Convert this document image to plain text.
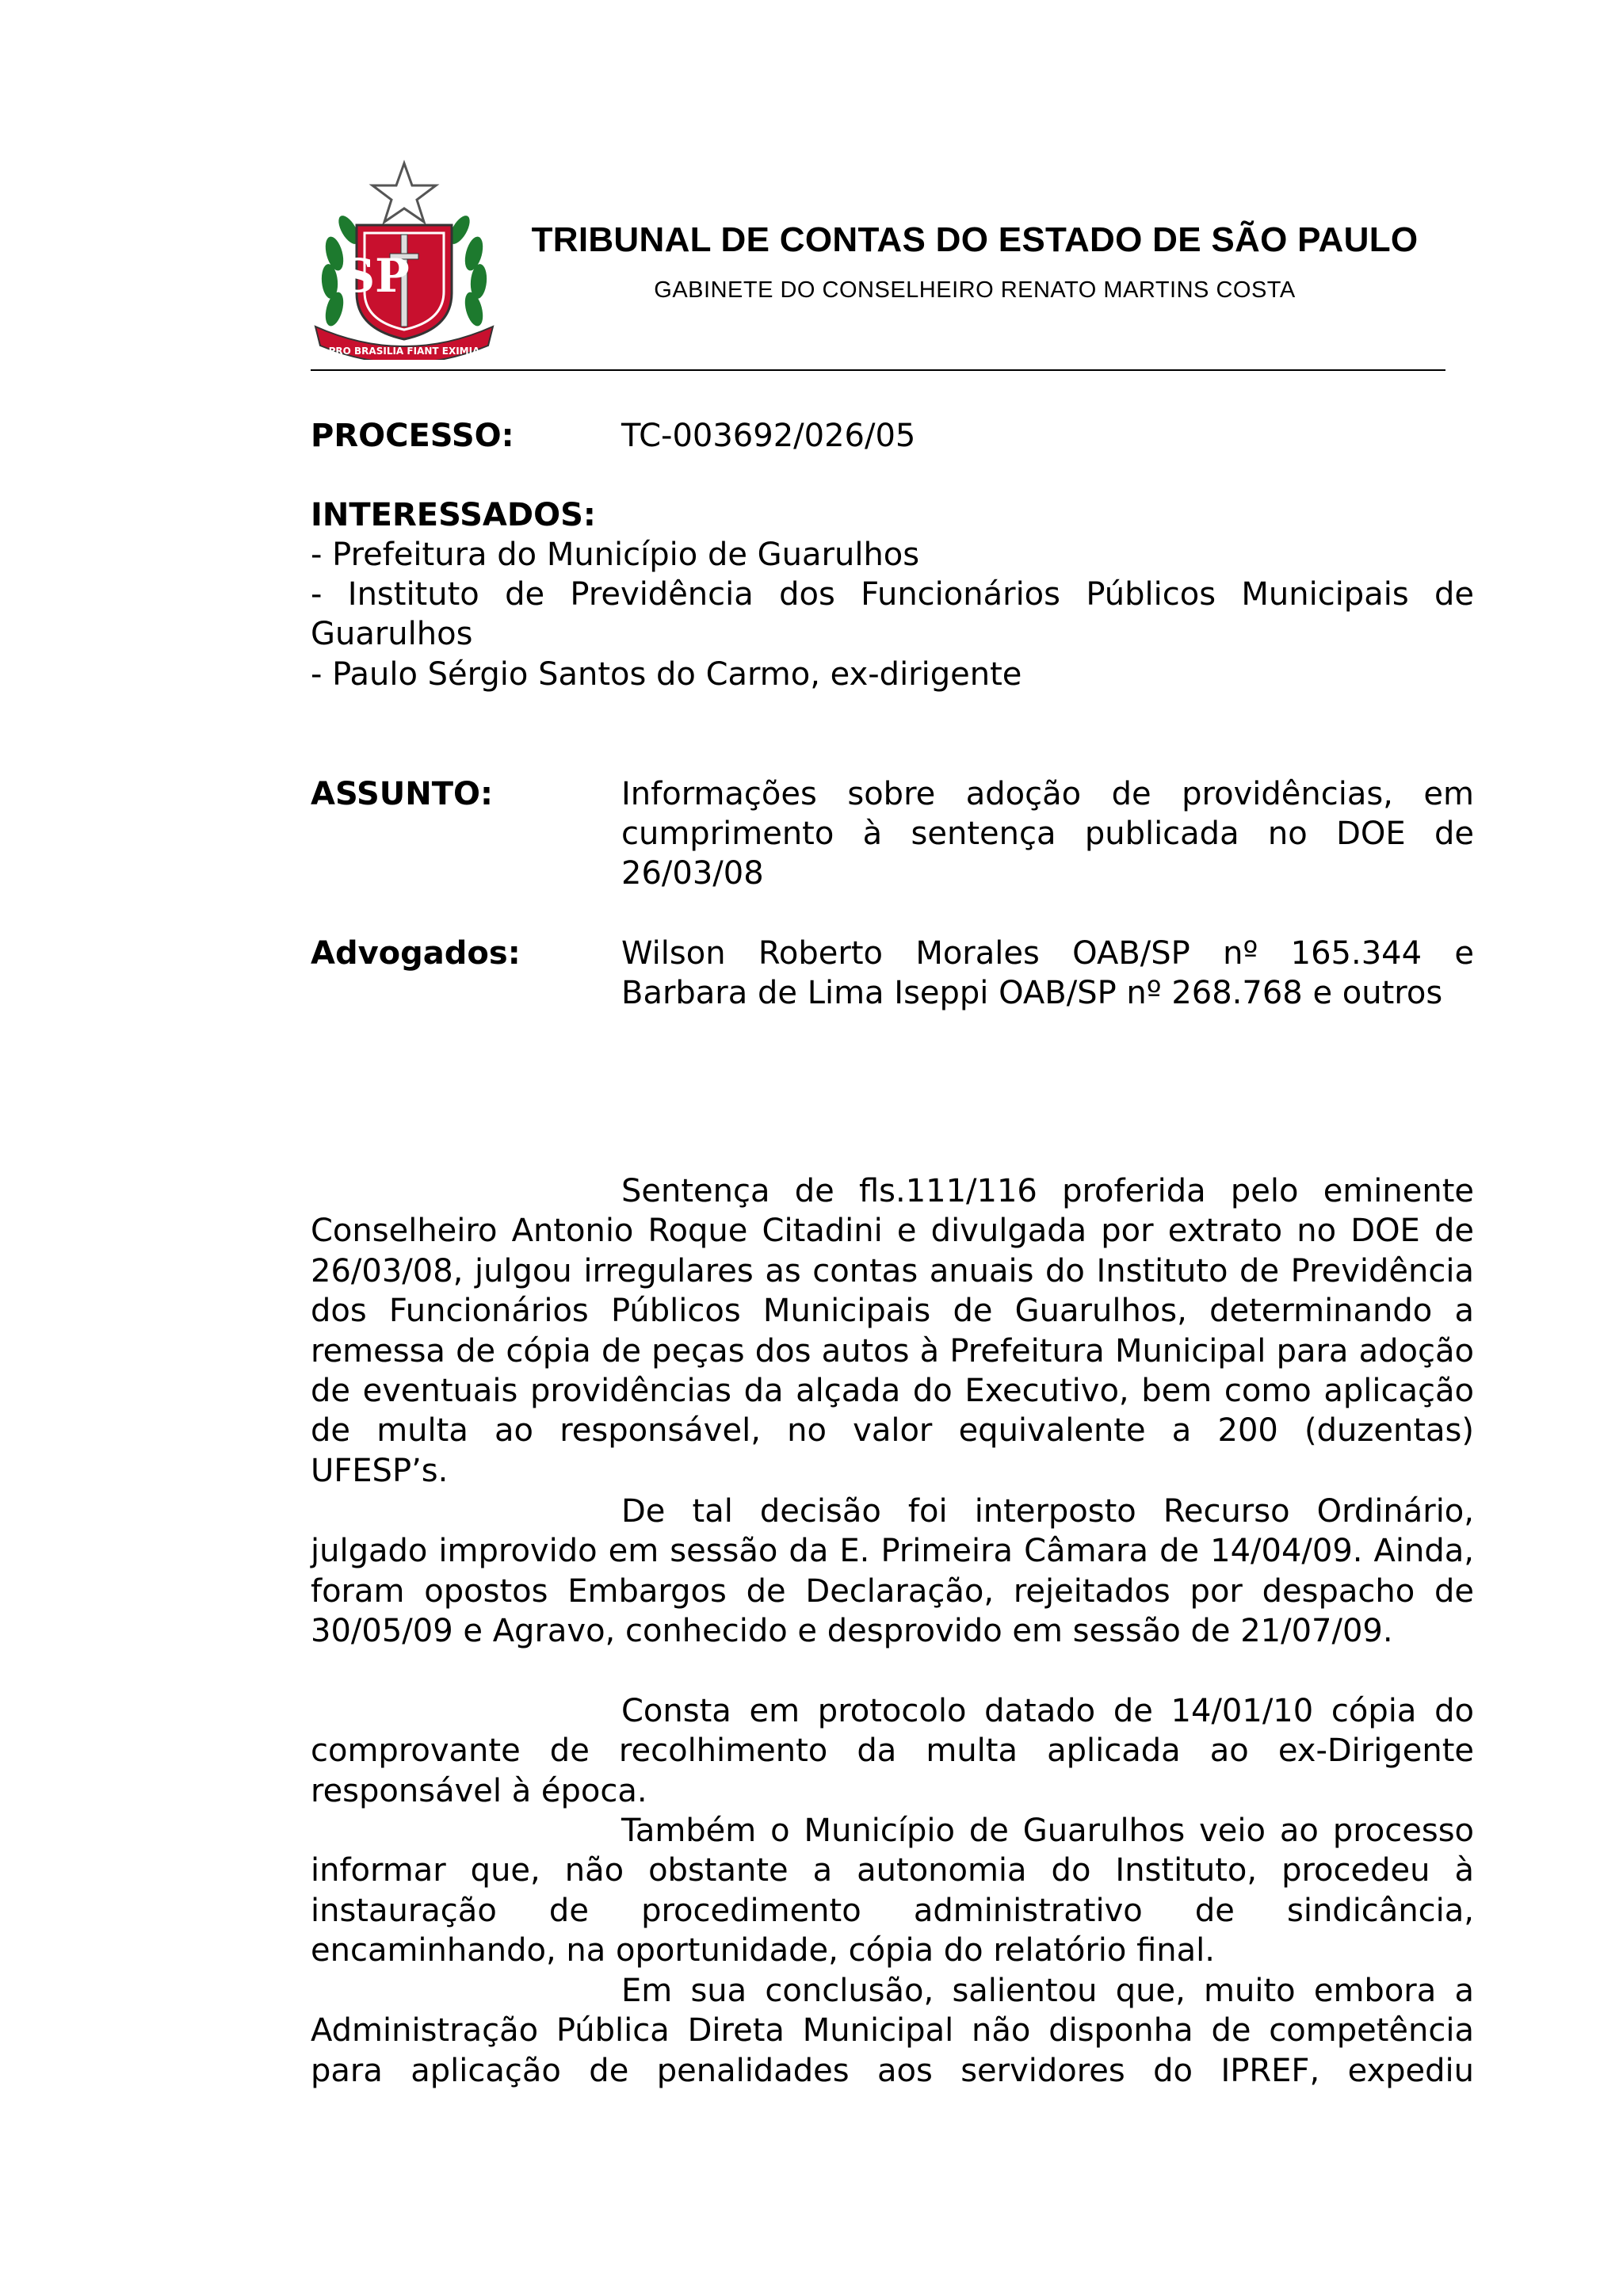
SP
PRO BRASILIA FIANT EXIMIA
TRIBUNAL DE CONTAS DO ESTADO DE SÃO PAULO
GABINETE DO CONSELHEIRO RENATO MARTINS COSTA
PROCESSO:	TC-003692/026/05
INTERESSADOS:
- Prefeitura do Município de Guarulhos
- Instituto de Previdência dos Funcionários Públicos Municipais de Guarulhos
- Paulo Sérgio Santos do Carmo, ex-dirigente
ASSUNTO:	Informações sobre adoção de providências, em cumprimento à sentença publicada no DOE de 26/03/08
Advogados:	Wilson Roberto Morales OAB/SP nº 165.344 e Barbara de Lima Iseppi OAB/SP nº 268.768 e outros

Sentença de fls.111/116 proferida pelo eminente Conselheiro Antonio Roque Citadini e divulgada por extrato no DOE de 26/03/08, julgou irregulares as contas anuais do Instituto de Previdência dos Funcionários Públicos Municipais de Guarulhos, determinando a remessa de cópia de peças dos autos à Prefeitura Municipal para adoção de eventuais providências da alçada do Executivo, bem como aplicação de multa ao responsável, no valor equivalente a 200 (duzentas) UFESP’s.

De tal decisão foi interposto Recurso Ordinário, julgado improvido em sessão da E. Primeira Câmara de 14/04/09. Ainda, foram opostos Embargos de Declaração, rejeitados por despacho de 30/05/09 e Agravo, conhecido e desprovido em sessão de 21/07/09.

Consta em protocolo datado de 14/01/10 cópia do comprovante de recolhimento da multa aplicada ao ex-Dirigente responsável à época.

Também o Município de Guarulhos veio ao processo informar que, não obstante a autonomia do Instituto, procedeu à instauração de procedimento administrativo de sindicância, encaminhando, na oportunidade, cópia do relatório final.

Em sua conclusão, salientou que, muito embora a Administração Pública Direta Municipal não disponha de competência para aplicação de penalidades aos servidores do IPREF, expediu
